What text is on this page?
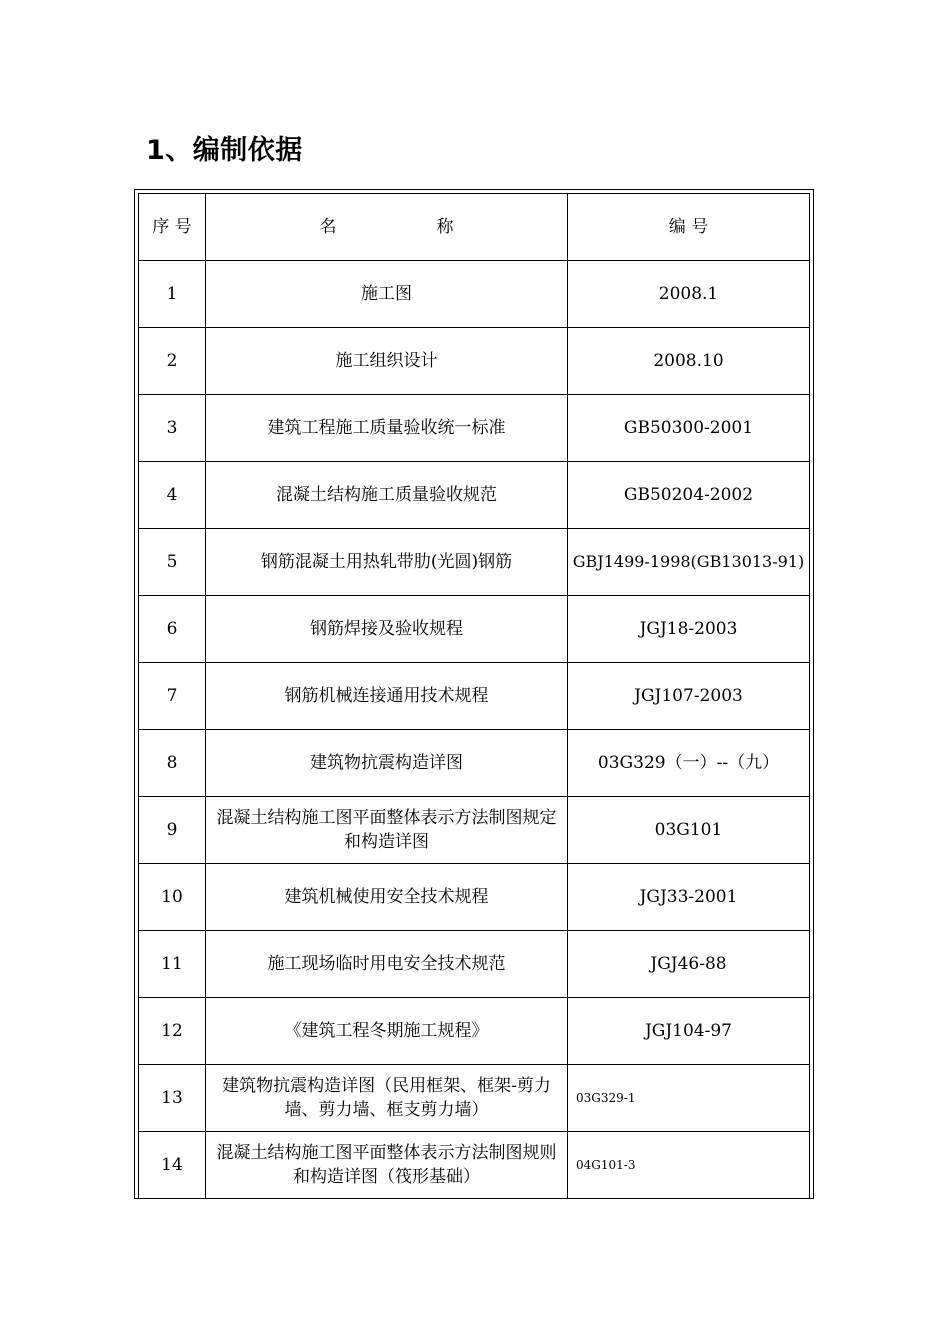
1、编制依据
序 号	名 称	编 号
1	施工图	2008.1
2	施工组织设计	2008.10
3	建筑工程施工质量验收统一标准	GB50300-2001
4	混凝土结构施工质量验收规范	GB50204-2002
5	钢筋混凝土用热轧带肋(光圆)钢筋	GBJ1499-1998(GB13013-91)
6	钢筋焊接及验收规程	JGJ18-2003
7	钢筋机械连接通用技术规程	JGJ107-2003
8	建筑物抗震构造详图	03G329（一）--（九）
9	混凝土结构施工图平面整体表示方法制图规定和构造详图	03G101
10	建筑机械使用安全技术规程	JGJ33-2001
11	施工现场临时用电安全技术规范	JGJ46-88
12	《建筑工程冬期施工规程》	JGJ104-97
13	建筑物抗震构造详图（民用框架、框架-剪力墙、剪力墙、框支剪力墙）	03G329-1
14	混凝土结构施工图平面整体表示方法制图规则和构造详图（筏形基础）	04G101-3
